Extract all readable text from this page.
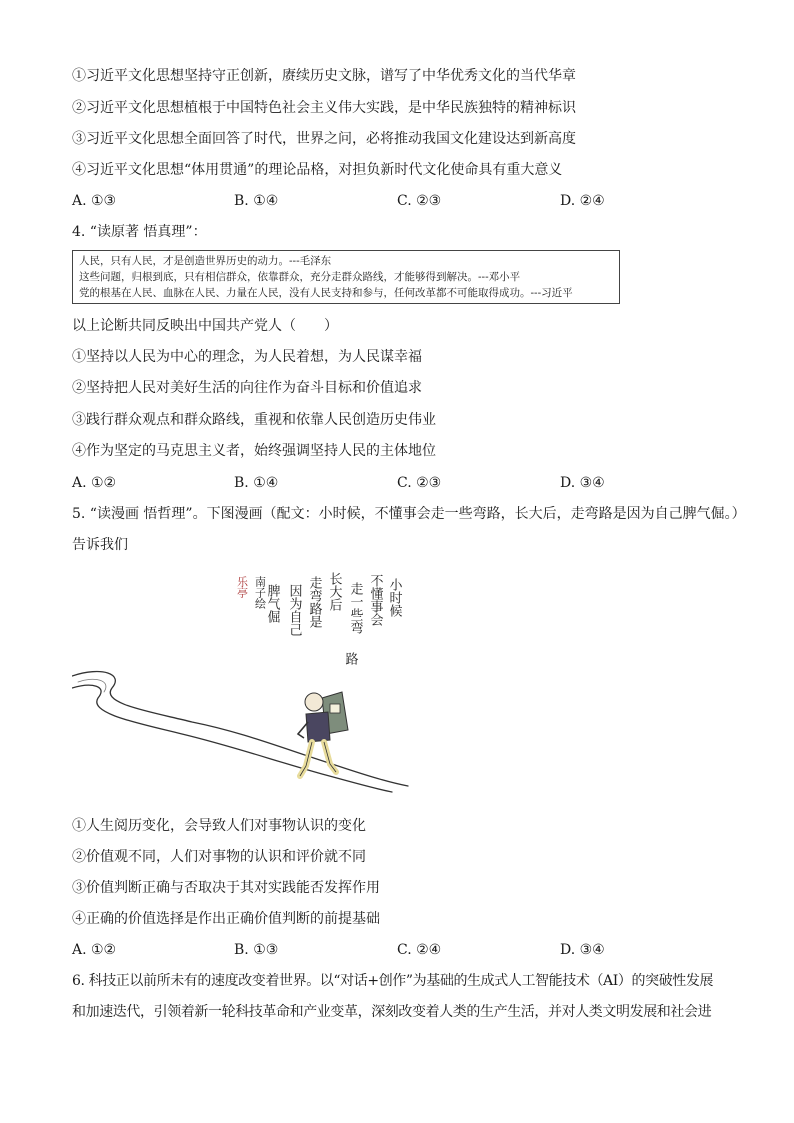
①习近平文化思想坚持守正创新，赓续历史文脉，谱写了中华优秀文化的当代华章
②习近平文化思想植根于中国特色社会主义伟大实践，是中华民族独特的精神标识
③习近平文化思想全面回答了时代，世界之问，必将推动我国文化建设达到新高度
④习近平文化思想“体用贯通”的理论品格，对担负新时代文化使命具有重大意义
A. ①③	B. ①④	C. ②③	D. ②④
4. “读原著 悟真理”：
人民，只有人民，才是创造世界历史的动力。---毛泽东
这些问题，归根到底，只有相信群众，依靠群众，充分走群众路线，才能够得到解决。---邓小平
党的根基在人民、血脉在人民、力量在人民，没有人民支持和参与，任何改革都不可能取得成功。---习近平
以上论断共同反映出中国共产党人（　　）
①坚持以人民为中心的理念，为人民着想，为人民谋幸福
②坚持把人民对美好生活的向往作为奋斗目标和价值追求
③践行群众观点和群众路线，重视和依靠人民创造历史伟业
④作为坚定的马克思主义者，始终强调坚持人民的主体地位
A. ①②	B. ①④	C. ②③	D. ③④
5. “读漫画 悟哲理”。下图漫画（配文：小时候，不懂事会走一些弯路，长大后，走弯路是因为自己脾气倔。）
告诉我们
小时候
不懂事会
走一些弯
路
长大后
走弯路是
因为自己
脾气倔
南子绘
乐亭
①人生阅历变化，会导致人们对事物认识的变化
②价值观不同，人们对事物的认识和评价就不同
③价值判断正确与否取决于其对实践能否发挥作用
④正确的价值选择是作出正确价值判断的前提基础
A. ①②	B. ①③	C. ②④	D. ③④
6. 科技正以前所未有的速度改变着世界。以“对话+创作”为基础的生成式人工智能技术（AI）的突破性发展
和加速迭代，引领着新一轮科技革命和产业变革，深刻改变着人类的生产生活，并对人类文明发展和社会进
